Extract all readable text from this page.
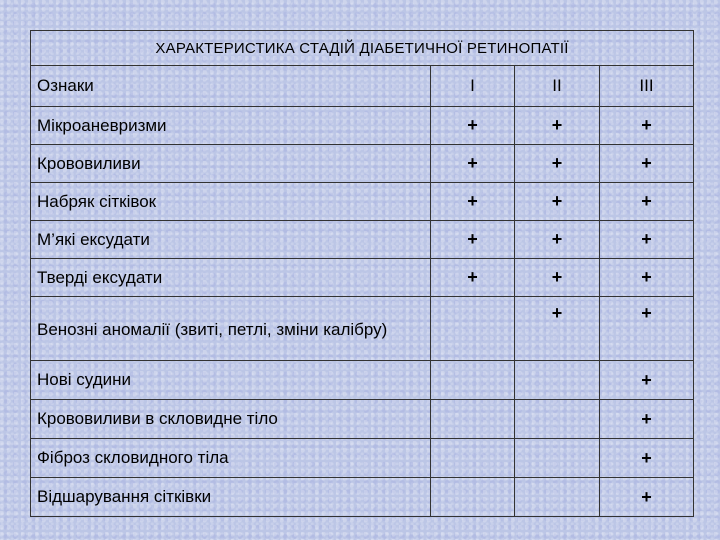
ХАРАКТЕРИСТИКА СТАДІЙ ДІАБЕТИЧНОЇ РЕТИНОПАТІЇ			
Ознаки	I	II	III
Мікроаневризми	+	+	+
Крововиливи	+	+	+
Набряк сітківок	+	+	+
М’які ексудати	+	+	+
Тверді ексудати	+	+	+
Венозні аномалії (звиті, петлі, зміни калібру)		+	+
Нові судини			+
Крововиливи в скловидне тіло			+
Фіброз скловидного тіла			+
Відшарування сітківки			+
